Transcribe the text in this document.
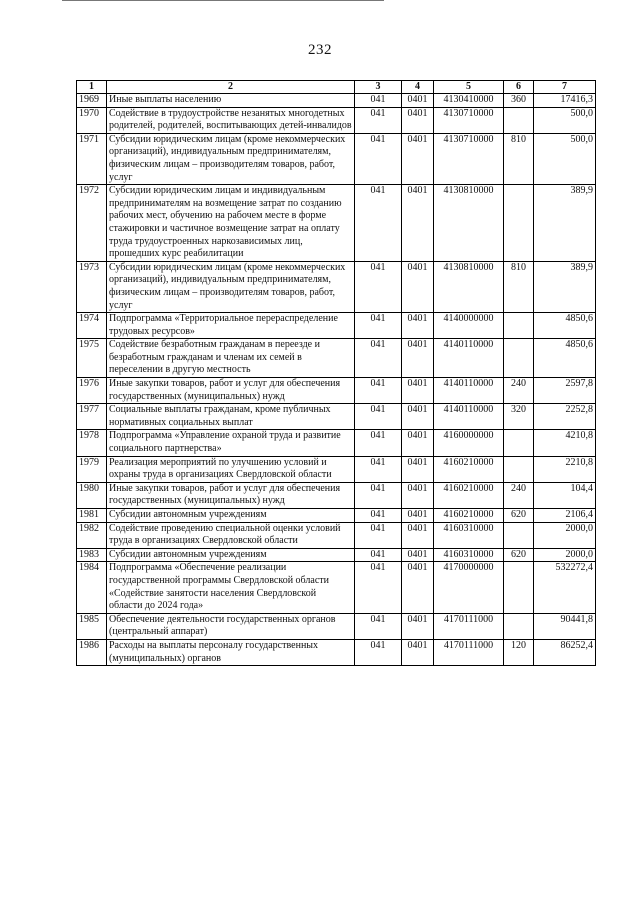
232
1	2	3	4	5	6	7
1969	Иные выплаты населению	041	0401	4130410000	360	17416,3
1970	Содействие в трудоустройстве незанятых многодетных родителей, родителей, воспитывающих детей-инвалидов	041	0401	4130710000		500,0
1971	Субсидии юридическим лицам (кроме некоммерческих организаций), индивидуальным предпринимателям, физическим лицам – производителям товаров, работ, услуг	041	0401	4130710000	810	500,0
1972	Субсидии юридическим лицам и индивидуальным предпринимателям на возмещение затрат по созданию рабочих мест, обучению на рабочем месте в форме стажировки и частичное возмещение затрат на оплату труда трудоустроенных наркозависимых лиц, прошедших курс реабилитации	041	0401	4130810000		389,9
1973	Субсидии юридическим лицам (кроме некоммерческих организаций), индивидуальным предпринимателям, физическим лицам – производителям товаров, работ, услуг	041	0401	4130810000	810	389,9
1974	Подпрограмма «Территориальное перераспределение трудовых ресурсов»	041	0401	4140000000		4850,6
1975	Содействие безработным гражданам в переезде и безработным гражданам и членам их семей в переселении в другую местность	041	0401	4140110000		4850,6
1976	Иные закупки товаров, работ и услуг для обеспечения государственных (муниципальных) нужд	041	0401	4140110000	240	2597,8
1977	Социальные выплаты гражданам, кроме публичных нормативных социальных выплат	041	0401	4140110000	320	2252,8
1978	Подпрограмма «Управление охраной труда и развитие социального партнерства»	041	0401	4160000000		4210,8
1979	Реализация мероприятий по улучшению условий и охраны труда в организациях Свердловской области	041	0401	4160210000		2210,8
1980	Иные закупки товаров, работ и услуг для обеспечения государственных (муниципальных) нужд	041	0401	4160210000	240	104,4
1981	Субсидии автономным учреждениям	041	0401	4160210000	620	2106,4
1982	Содействие проведению специальной оценки условий труда в организациях Свердловской области	041	0401	4160310000		2000,0
1983	Субсидии автономным учреждениям	041	0401	4160310000	620	2000,0
1984	Подпрограмма «Обеспечение реализации государственной программы Свердловской области «Содействие занятости населения Свердловской области до 2024 года»	041	0401	4170000000		532272,4
1985	Обеспечение деятельности государственных органов (центральный аппарат)	041	0401	4170111000		90441,8
1986	Расходы на выплаты персоналу государственных (муниципальных) органов	041	0401	4170111000	120	86252,4
